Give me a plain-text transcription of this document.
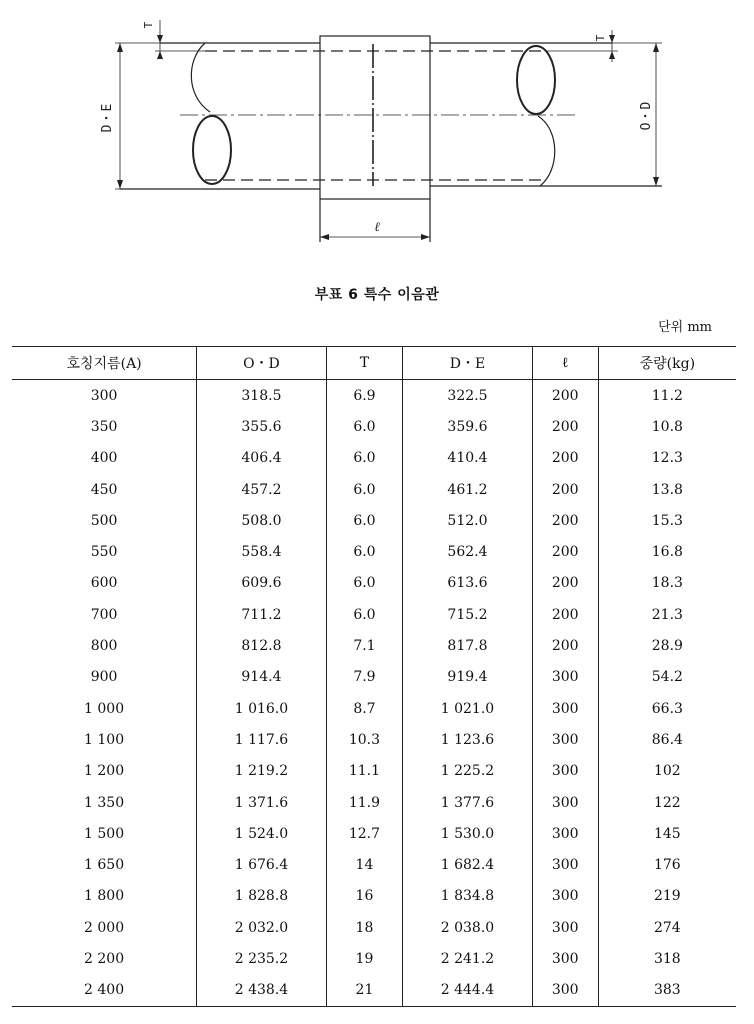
D・E	O・D
T
T
ℓ
부표 6 특수 이음관
단위 mm
호칭지름(A)	O・D	T	D・E	ℓ	중량(kg)
300	318.5	6.9	322.5	200	11.2
350	355.6	6.0	359.6	200	10.8
400	406.4	6.0	410.4	200	12.3
450	457.2	6.0	461.2	200	13.8
500	508.0	6.0	512.0	200	15.3
550	558.4	6.0	562.4	200	16.8
600	609.6	6.0	613.6	200	18.3
700	711.2	6.0	715.2	200	21.3
800	812.8	7.1	817.8	200	28.9
900	914.4	7.9	919.4	300	54.2
1 000	1 016.0	8.7	1 021.0	300	66.3
1 100	1 117.6	10.3	1 123.6	300	86.4
1 200	1 219.2	11.1	1 225.2	300	102
1 350	1 371.6	11.9	1 377.6	300	122
1 500	1 524.0	12.7	1 530.0	300	145
1 650	1 676.4	14	1 682.4	300	176
1 800	1 828.8	16	1 834.8	300	219
2 000	2 032.0	18	2 038.0	300	274
2 200	2 235.2	19	2 241.2	300	318
2 400	2 438.4	21	2 444.4	300	383
